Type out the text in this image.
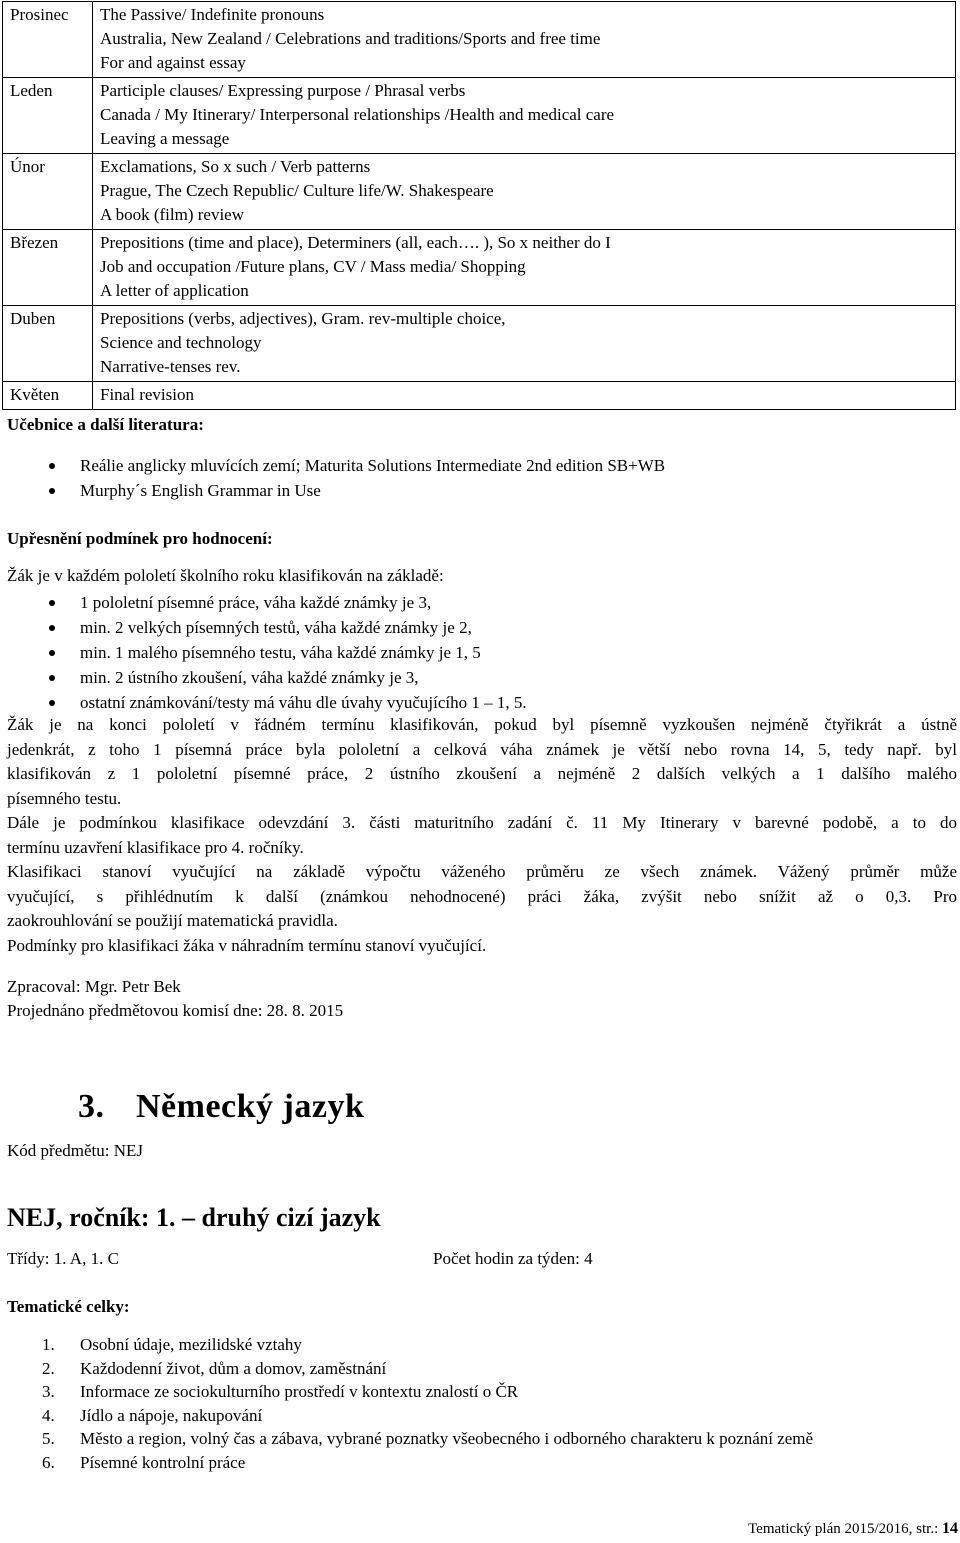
Prosinec	The Passive/ Indefinite pronouns
Australia, New Zealand / Celebrations and traditions/Sports and free time
For and against essay

Leden	Participle clauses/ Expressing purpose / Phrasal verbs
Canada / My Itinerary/ Interpersonal relationships /Health and medical care
Leaving a message

Únor	Exclamations, So x such / Verb patterns
Prague, The Czech Republic/ Culture life/W. Shakespeare
A book (film) review

Březen	Prepositions (time and place), Determiners (all, each…. ), So x neither do I
Job and occupation /Future plans, CV / Mass media/ Shopping
A letter of application

Duben	Prepositions (verbs, adjectives), Gram. rev-multiple choice,
Science and technology
Narrative-tenses rev.

Květen	Final revision
Učebnice a další literatura:
Reálie anglicky mluvících zemí; Maturita Solutions Intermediate 2nd edition SB+WB
Murphy´s English Grammar in Use
Upřesnění podmínek pro hodnocení:
Žák je v každém pololetí školního roku klasifikován na základě:
1 pololetní písemné práce, váha každé známky je 3,
min. 2 velkých písemných testů, váha každé známky je 2,
min. 1 malého písemného testu, váha každé známky je 1, 5
min. 2 ústního zkoušení, váha každé známky je 3,
ostatní známkování/testy má váhu dle úvahy vyučujícího 1 – 1, 5.
Žák je na konci pololetí v řádném termínu klasifikován, pokud byl písemně vyzkoušen nejméně čtyřikrát a ústně
jedenkrát, z toho 1 písemná práce byla pololetní a celková váha známek je větší nebo rovna 14, 5, tedy např. byl
klasifikován z 1 pololetní písemné práce, 2 ústního zkoušení a nejméně 2 dalších velkých a 1 dalšího malého
písemného testu.
Dále je podmínkou klasifikace odevzdání 3. části maturitního zadání č. 11 My Itinerary v barevné podobě, a to do
termínu uzavření klasifikace pro 4. ročníky.
Klasifikaci stanoví vyučující na základě výpočtu váženého průměru ze všech známek. Vážený průměr může
vyučující, s přihlédnutím k další (známkou nehodnocené) práci žáka, zvýšit nebo snížit až o 0,3. Pro
zaokrouhlování se použijí matematická pravidla.
Podmínky pro klasifikaci žáka v náhradním termínu stanoví vyučující.
Zpracoval: Mgr. Petr Bek
Projednáno předmětovou komisí dne: 28. 8. 2015
3. Německý jazyk
Kód předmětu: NEJ
NEJ, ročník: 1. – druhý cizí jazyk
Třídy: 1. A, 1. C	Počet hodin za týden: 4
Tematické celky:
1. Osobní údaje, mezilidské vztahy
2. Každodenní život, dům a domov, zaměstnání
3. Informace ze sociokulturního prostředí v kontextu znalostí o ČR
4. Jídlo a nápoje, nakupování
5. Město a region, volný čas a zábava, vybrané poznatky všeobecného i odborného charakteru k poznání země
6. Písemné kontrolní práce
Tematický plán 2015/2016, str.: 14
